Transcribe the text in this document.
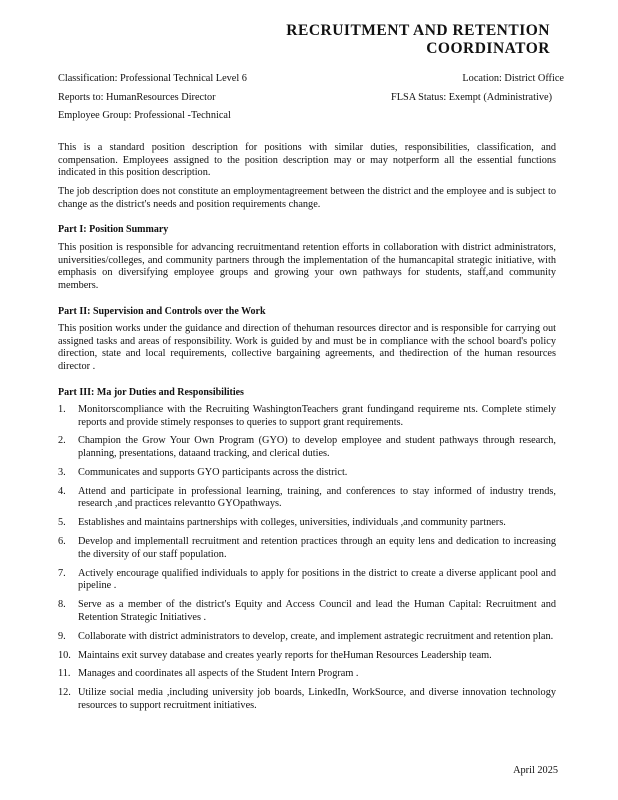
RECRUITMENT AND RETENTION
COORDINATOR
Classification: Professional Technical Level 6	Location: District Office
Reports to: HumanResources Director	FLSA Status: Exempt (Administrative)
Employee Group: Professional -Technical

This is a standard position description for positions with similar duties, responsibilities, classification, and compensation. Employees assigned to the position description may or may notperform all the essential functions indicated in this position description.

The job description does not constitute an employmentagreement between the district and the employee and is subject to change as the district's needs and position requirements change.

Part I: Position Summary

This position is responsible for advancing recruitmentand retention efforts in collaboration with district administrators, universities/colleges, and community partners through the implementation of the humancapital strategic initiative, with emphasis on diversifying employee groups and growing your own pathways for students, staff,and community members.

Part II: Supervision and Controls over the Work

This position works under the guidance and direction of thehuman resources director and is responsible for carrying out assigned tasks and areas of responsibility. Work is guided by and must be in compliance with the school board's policy direction, state and local requirements, collective bargaining agreements, and thedirection of the human resources director .

Part III: Ma jor Duties and Responsibilities
1. Monitorscompliance with the Recruiting WashingtonTeachers grant fundingand requireme nts. Complete stimely reports and provide stimely responses to queries to support grant requirements.
2. Champion the Grow Your Own Program (GYO) to develop employee and student pathways through research, planning, presentations, dataand tracking, and clerical duties.
3. Communicates and supports GYO participants across the district.
4. Attend and participate in professional learning, training, and conferences to stay informed of industry trends, research ,and practices relevantto GYOpathways.
5. Establishes and maintains partnerships with colleges, universities, individuals ,and community partners.
6. Develop and implementall recruitment and retention practices through an equity lens and dedication to increasing the diversity of our staff population.
7. Actively encourage qualified individuals to apply for positions in the district to create a diverse applicant pool and pipeline .
8. Serve as a member of the district's Equity and Access Council and lead the Human Capital: Recruitment and Retention Strategic Initiatives .
9. Collaborate with district administrators to develop, create, and implement astrategic recruitment and retention plan.
10. Maintains exit survey database and creates yearly reports for theHuman Resources Leadership team.
11. Manages and coordinates all aspects of the Student Intern Program .
12. Utilize social media ,including university job boards, LinkedIn, WorkSource, and diverse innovation technology resources to support recruitment initiatives.
April 2025
